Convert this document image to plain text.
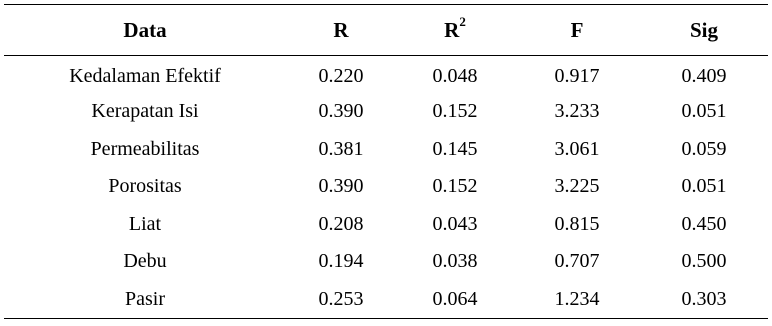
Data	R	$R^2$	F	Sig
Kedalaman Efektif	0.220	0.048	0.917	0.409
Kerapatan Isi	0.390	0.152	3.233	0.051
Permeabilitas	0.381	0.145	3.061	0.059
Porositas	0.390	0.152	3.225	0.051
Liat	0.208	0.043	0.815	0.450
Debu	0.194	0.038	0.707	0.500
Pasir	0.253	0.064	1.234	0.303
